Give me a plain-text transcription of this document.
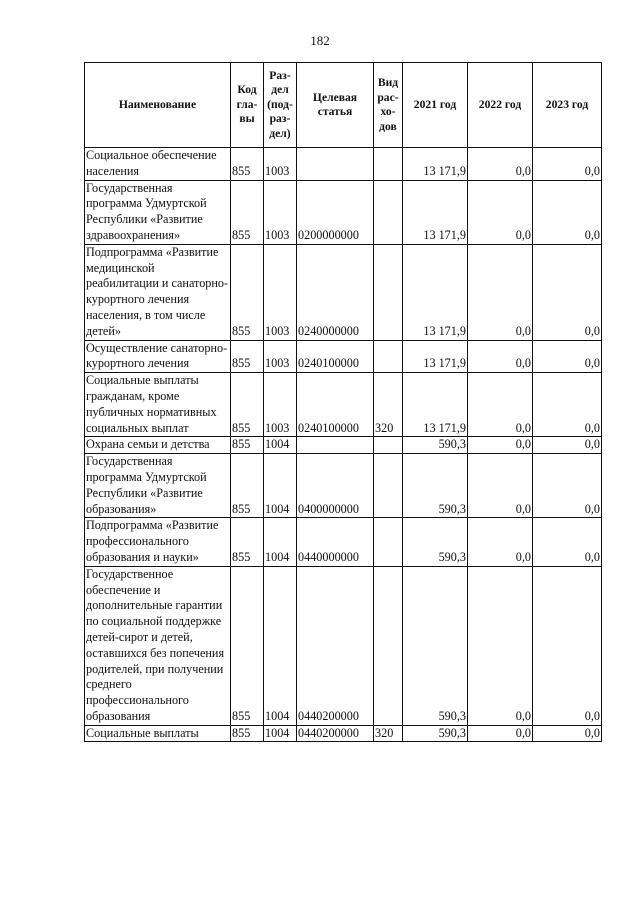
182
Наименование	Код гла- вы	Раз- дел (под- раз- дел)	Целевая статья	Вид рас- хо- дов	2021 год	2022 год	2023 год
Социальное обеспечение населения	855	1003			13 171,9	0,0	0,0
Государственная программа Удмуртской Республики «Развитие здравоохранения»	855	1003	0200000000		13 171,9	0,0	0,0
Подпрограмма «Развитие медицинской реабилитации и санаторно-курортного лечения населения, в том числе детей»	855	1003	0240000000		13 171,9	0,0	0,0
Осуществление санаторно-курортного лечения	855	1003	0240100000		13 171,9	0,0	0,0
Социальные выплаты гражданам, кроме публичных нормативных социальных выплат	855	1003	0240100000	320	13 171,9	0,0	0,0
Охрана семьи и детства	855	1004			590,3	0,0	0,0
Государственная программа Удмуртской Республики «Развитие образования»	855	1004	0400000000		590,3	0,0	0,0
Подпрограмма «Развитие профессионального образования и науки»	855	1004	0440000000		590,3	0,0	0,0
Государственное обеспечение и дополнительные гарантии по социальной поддержке детей-сирот и детей, оставшихся без попечения родителей, при получении среднего профессионального образования	855	1004	0440200000		590,3	0,0	0,0
Социальные выплаты	855	1004	0440200000	320	590,3	0,0	0,0
